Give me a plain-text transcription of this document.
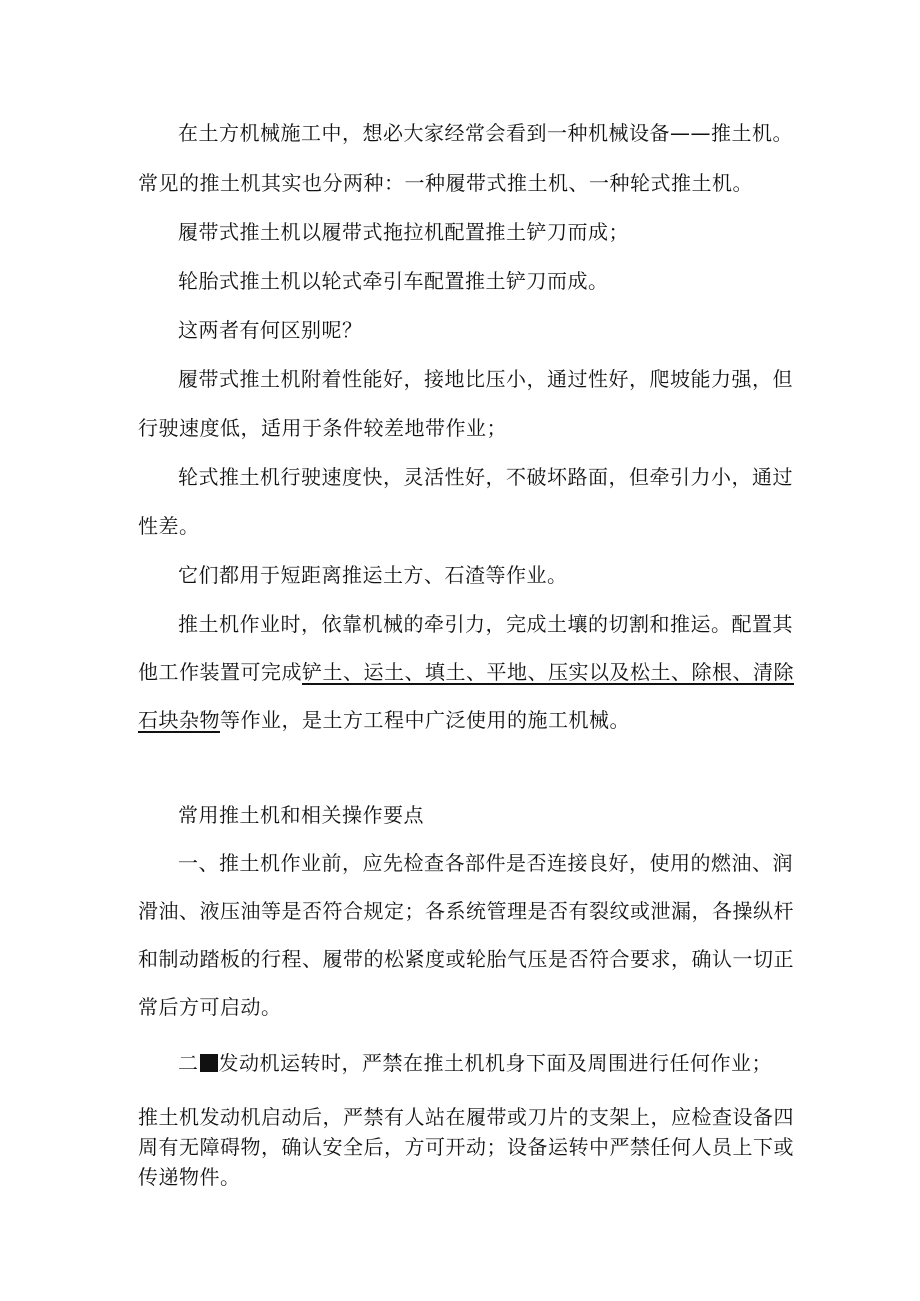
在土方机械施工中，想必大家经常会看到一种机械设备——推土机。
常见的推土机其实也分两种：一种履带式推土机、一种轮式推土机。
履带式推土机以履带式拖拉机配置推土铲刀而成；
轮胎式推土机以轮式牵引车配置推土铲刀而成。
这两者有何区别呢？
履带式推土机附着性能好，接地比压小，通过性好，爬坡能力强，但
行驶速度低，适用于条件较差地带作业；
轮式推土机行驶速度快，灵活性好，不破坏路面，但牵引力小，通过
性差。
它们都用于短距离推运土方、石渣等作业。
推土机作业时，依靠机械的牵引力，完成土壤的切割和推运。配置其
他工作装置可完成铲土、运土、填土、平地、压实以及松土、除根、清除
石块杂物等作业，是土方工程中广泛使用的施工机械。
常用推土机和相关操作要点
一、推土机作业前，应先检查各部件是否连接良好，使用的燃油、润
滑油、液压油等是否符合规定；各系统管理是否有裂纹或泄漏，各操纵杆
和制动踏板的行程、履带的松紧度或轮胎气压是否符合要求，确认一切正
常后方可启动。
二 发动机运转时，严禁在推土机机身下面及周围进行任何作业；
推土机发动机启动后，严禁有人站在履带或刀片的支架上，应检查设备四
周有无障碍物，确认安全后，方可开动；设备运转中严禁任何人员上下或
传递物件。
